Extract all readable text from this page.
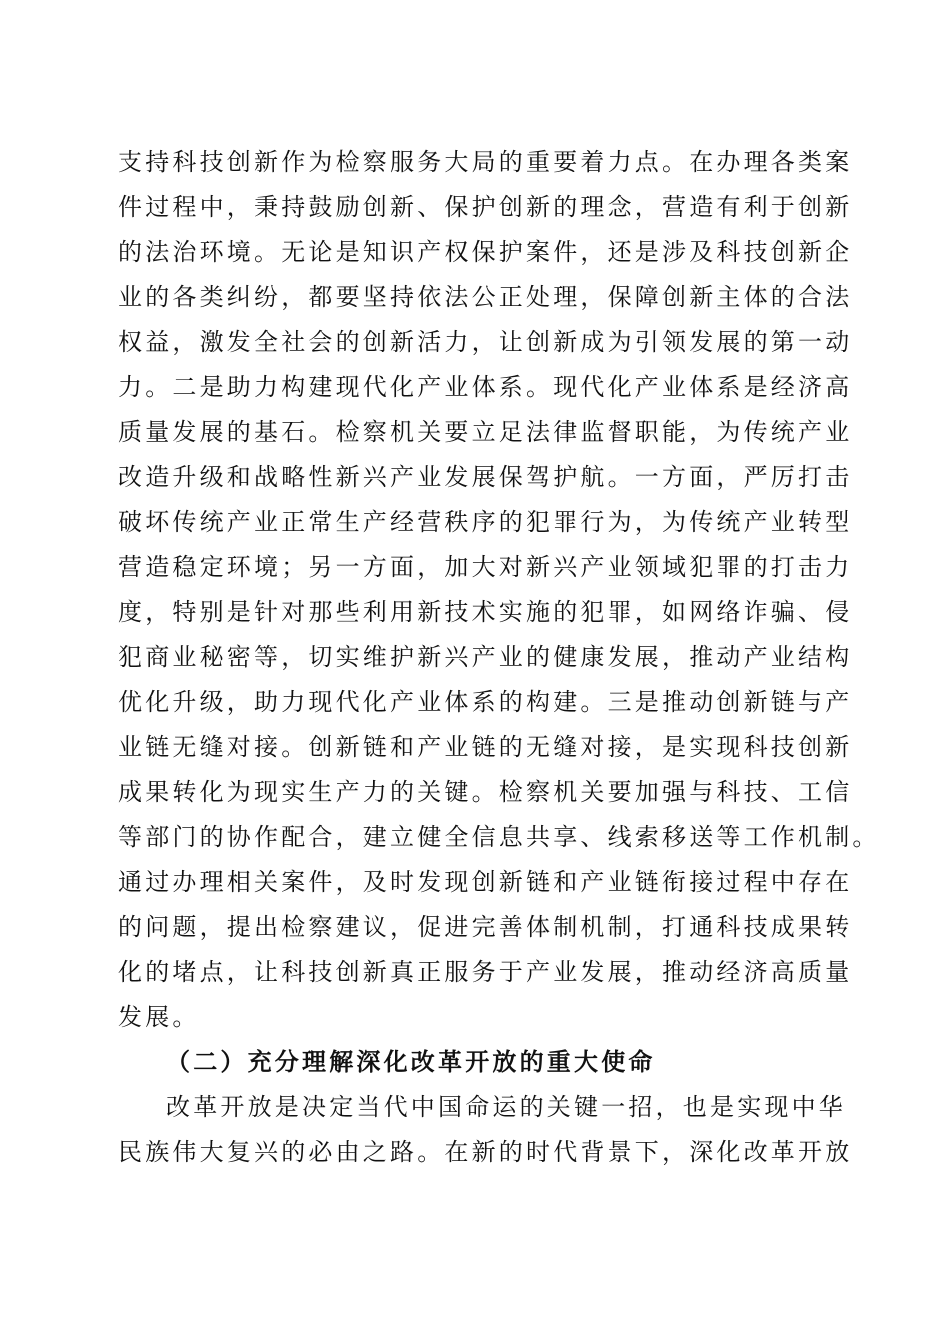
支持科技创新作为检察服务大局的重要着力点。在办理各类案
件过程中，秉持鼓励创新、保护创新的理念，营造有利于创新
的法治环境。无论是知识产权保护案件，还是涉及科技创新企
业的各类纠纷，都要坚持依法公正处理，保障创新主体的合法
权益，激发全社会的创新活力，让创新成为引领发展的第一动
力。二是助力构建现代化产业体系。现代化产业体系是经济高
质量发展的基石。检察机关要立足法律监督职能，为传统产业
改造升级和战略性新兴产业发展保驾护航。一方面，严厉打击
破坏传统产业正常生产经营秩序的犯罪行为，为传统产业转型
营造稳定环境；另一方面，加大对新兴产业领域犯罪的打击力
度，特别是针对那些利用新技术实施的犯罪，如网络诈骗、侵
犯商业秘密等，切实维护新兴产业的健康发展，推动产业结构
优化升级，助力现代化产业体系的构建。三是推动创新链与产
业链无缝对接。创新链和产业链的无缝对接，是实现科技创新
成果转化为现实生产力的关键。检察机关要加强与科技、工信
等部门的协作配合，建立健全信息共享、线索移送等工作机制。
通过办理相关案件，及时发现创新链和产业链衔接过程中存在
的问题，提出检察建议，促进完善体制机制，打通科技成果转
化的堵点，让科技创新真正服务于产业发展，推动经济高质量
发展。
（二）充分理解深化改革开放的重大使命
改革开放是决定当代中国命运的关键一招，也是实现中华
民族伟大复兴的必由之路。在新的时代背景下，深化改革开放
